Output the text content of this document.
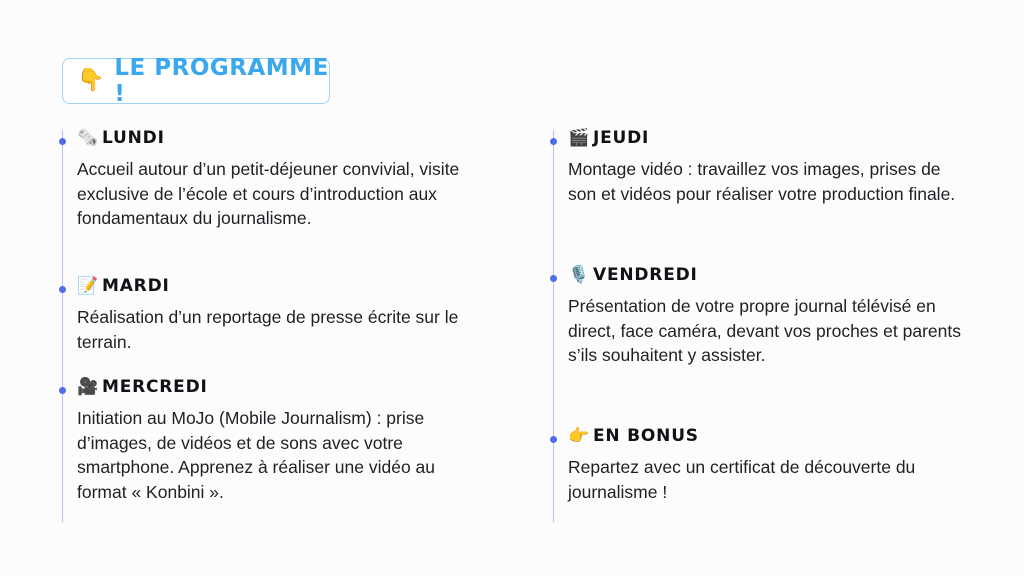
👇 LE PROGRAMME !
🗞️ LUNDI
Accueil autour d’un petit-déjeuner convivial, visite exclusive de l’école et cours d’introduction aux fondamentaux du journalisme.
📝 MARDI
Réalisation d’un reportage de presse écrite sur le terrain.
🎥 MERCREDI
Initiation au MoJo (Mobile Journalism) : prise d’images, de vidéos et de sons avec votre smartphone. Apprenez à réaliser une vidéo au format « Konbini ».
🎬 JEUDI
Montage vidéo : travaillez vos images, prises de son et vidéos pour réaliser votre production finale.
🎙️ VENDREDI
Présentation de votre propre journal télévisé en direct, face caméra, devant vos proches et parents s’ils souhaitent y assister.
👉 EN BONUS
Repartez avec un certificat de découverte du journalisme !
